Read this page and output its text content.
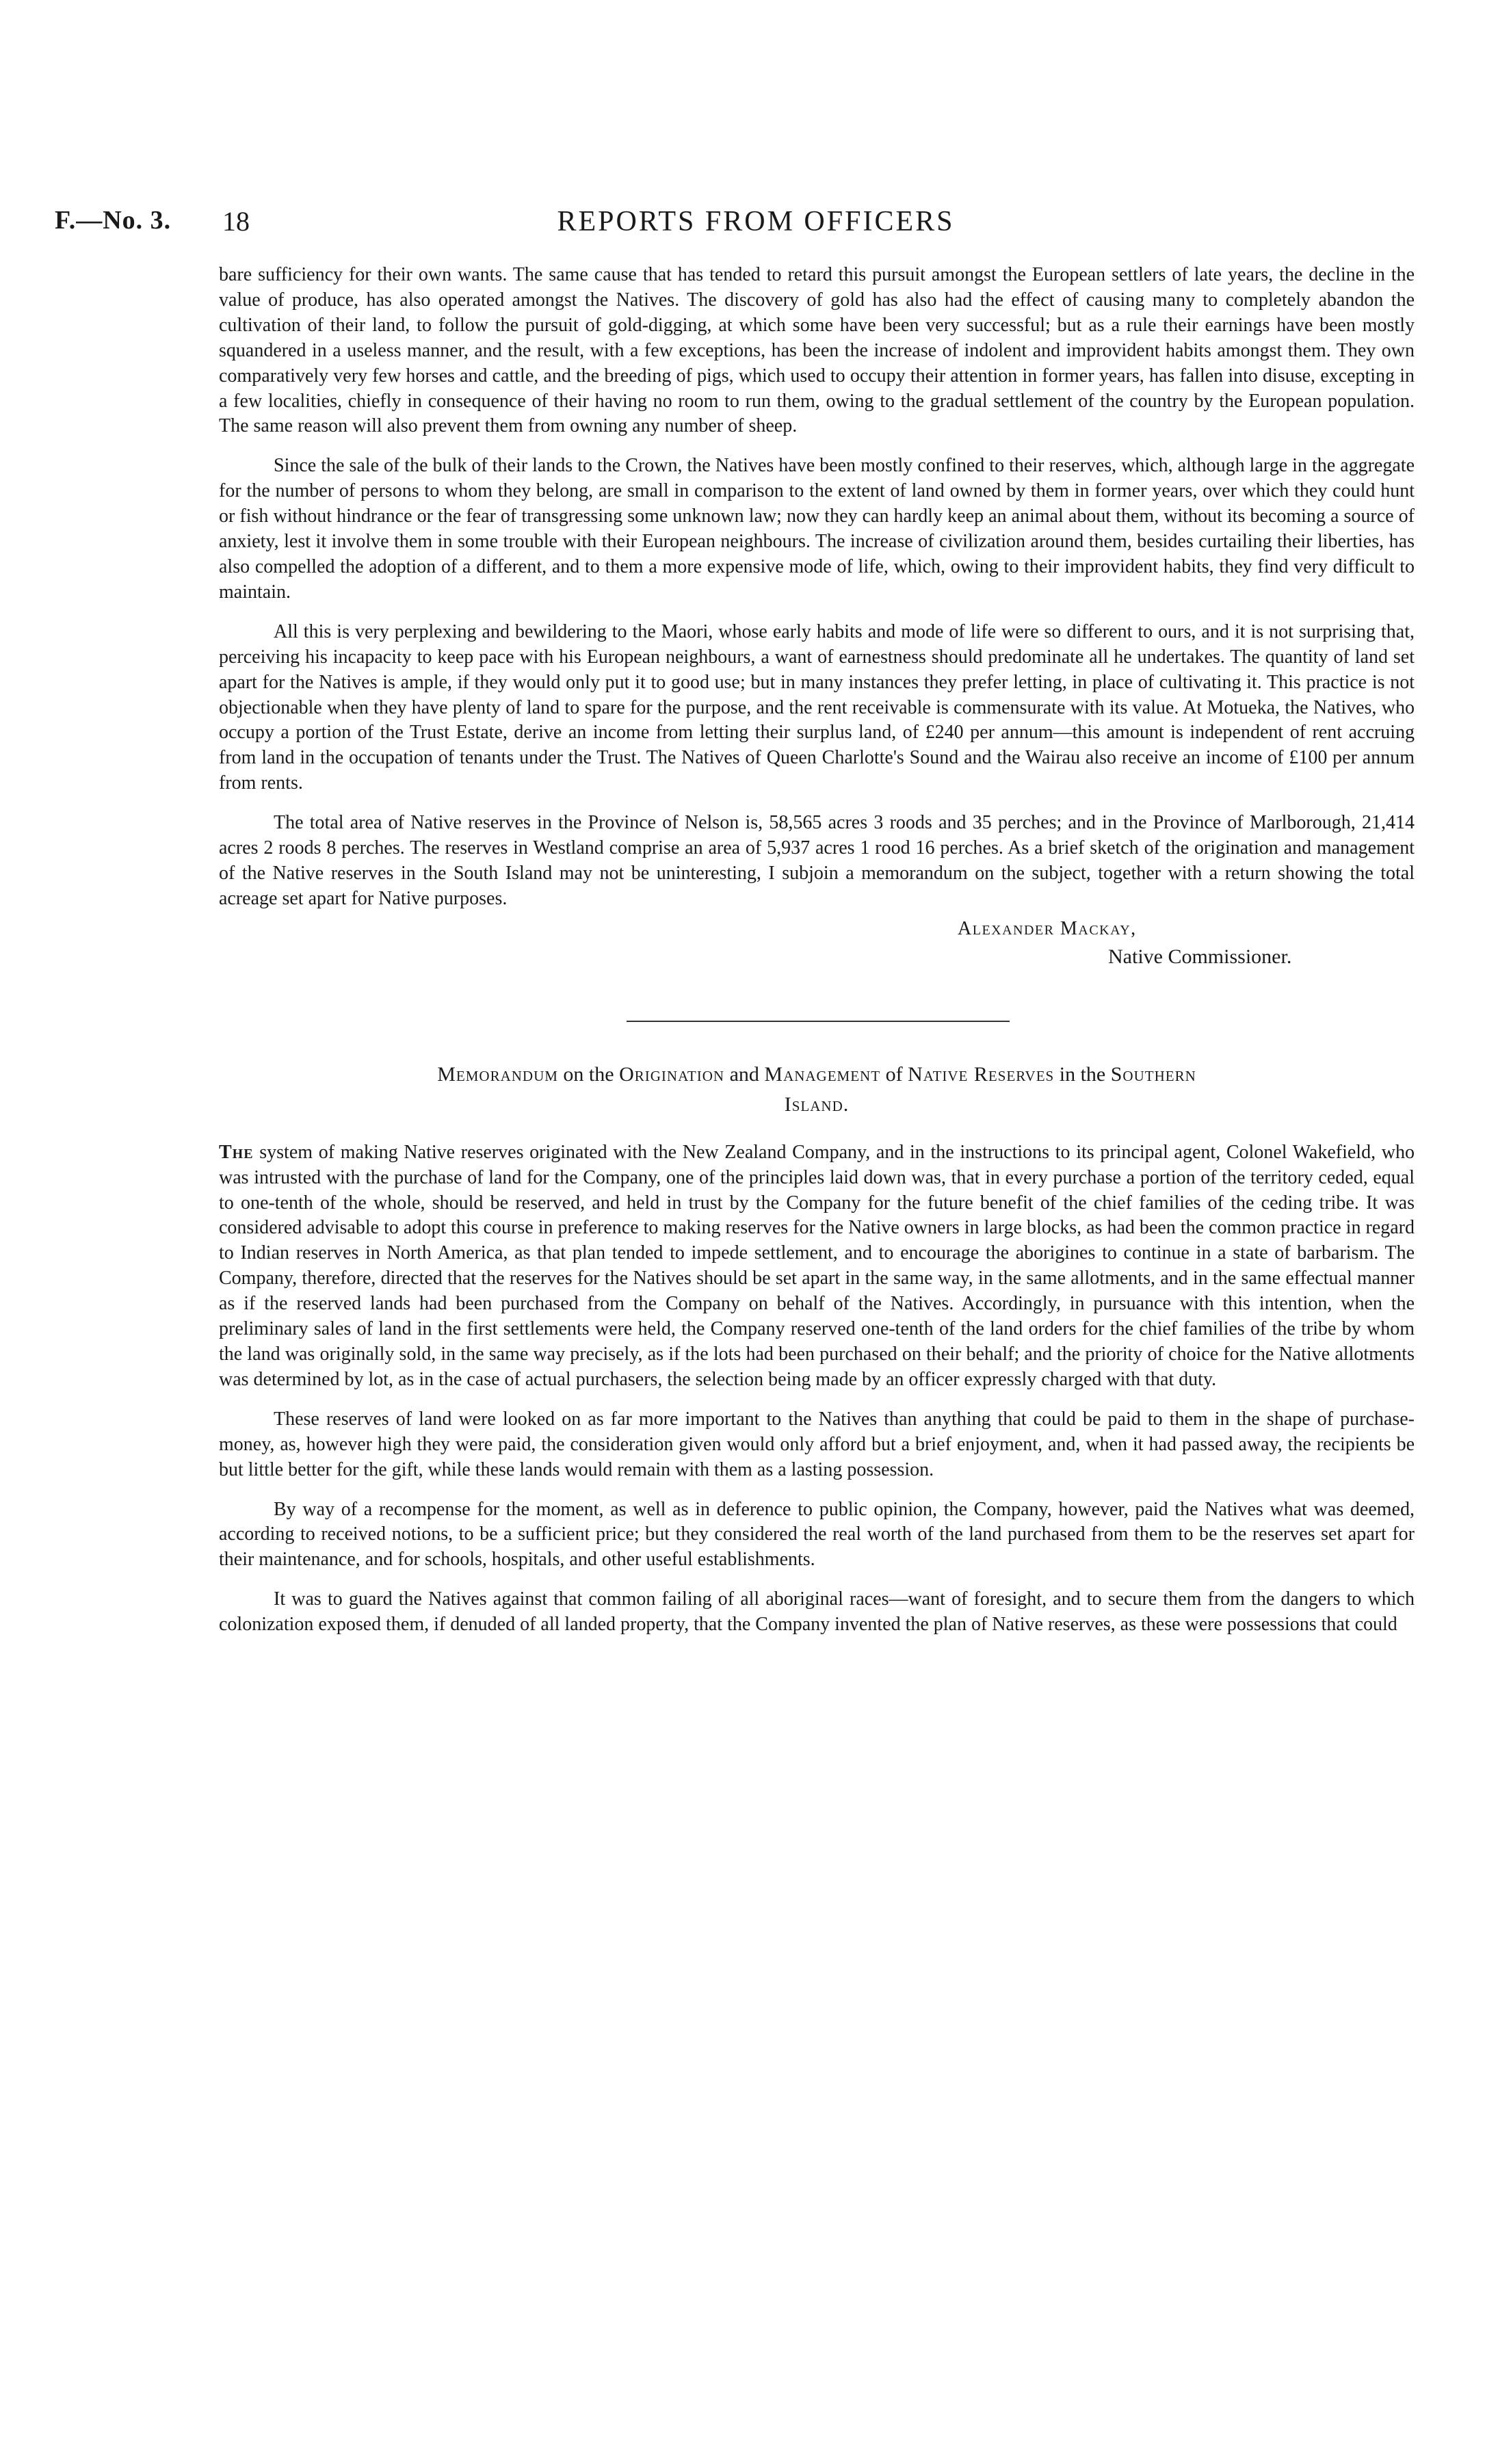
F.—No. 3. 18	REPORTS FROM OFFICERS

bare sufficiency for their own wants. The same cause that has tended to retard this pursuit amongst the European settlers of late years, the decline in the value of produce, has also operated amongst the Natives. The discovery of gold has also had the effect of causing many to completely abandon the cultivation of their land, to follow the pursuit of gold-digging, at which some have been very successful; but as a rule their earnings have been mostly squandered in a useless manner, and the result, with a few exceptions, has been the increase of indolent and improvident habits amongst them. They own comparatively very few horses and cattle, and the breeding of pigs, which used to occupy their attention in former years, has fallen into disuse, excepting in a few localities, chiefly in consequence of their having no room to run them, owing to the gradual settlement of the country by the European population. The same reason will also prevent them from owning any number of sheep.

Since the sale of the bulk of their lands to the Crown, the Natives have been mostly confined to their reserves, which, although large in the aggregate for the number of persons to whom they belong, are small in comparison to the extent of land owned by them in former years, over which they could hunt or fish without hindrance or the fear of transgressing some unknown law; now they can hardly keep an animal about them, without its becoming a source of anxiety, lest it involve them in some trouble with their European neighbours. The increase of civilization around them, besides curtailing their liberties, has also compelled the adoption of a different, and to them a more expensive mode of life, which, owing to their improvident habits, they find very difficult to maintain.

All this is very perplexing and bewildering to the Maori, whose early habits and mode of life were so different to ours, and it is not surprising that, perceiving his incapacity to keep pace with his European neighbours, a want of earnestness should predominate all he undertakes. The quantity of land set apart for the Natives is ample, if they would only put it to good use; but in many instances they prefer letting, in place of cultivating it. This practice is not objectionable when they have plenty of land to spare for the purpose, and the rent receivable is commensurate with its value. At Motueka, the Natives, who occupy a portion of the Trust Estate, derive an income from letting their surplus land, of £240 per annum—this amount is independent of rent accruing from land in the occupation of tenants under the Trust. The Natives of Queen Charlotte's Sound and the Wairau also receive an income of £100 per annum from rents.

The total area of Native reserves in the Province of Nelson is, 58,565 acres 3 roods and 35 perches; and in the Province of Marlborough, 21,414 acres 2 roods 8 perches. The reserves in Westland comprise an area of 5,937 acres 1 rood 16 perches. As a brief sketch of the origination and management of the Native reserves in the South Island may not be uninteresting, I subjoin a memorandum on the subject, together with a return showing the total acreage set apart for Native purposes.

Alexander Mackay,
Native Commissioner.
Memorandum on the Origination and Management of Native Reserves in the Southern
Island.

The system of making Native reserves originated with the New Zealand Company, and in the instructions to its principal agent, Colonel Wakefield, who was intrusted with the purchase of land for the Company, one of the principles laid down was, that in every purchase a portion of the territory ceded, equal to one-tenth of the whole, should be reserved, and held in trust by the Company for the future benefit of the chief families of the ceding tribe. It was considered advisable to adopt this course in preference to making reserves for the Native owners in large blocks, as had been the common practice in regard to Indian reserves in North America, as that plan tended to impede settlement, and to encourage the aborigines to continue in a state of barbarism. The Company, therefore, directed that the reserves for the Natives should be set apart in the same way, in the same allotments, and in the same effectual manner as if the reserved lands had been purchased from the Company on behalf of the Natives. Accordingly, in pursuance with this intention, when the preliminary sales of land in the first settlements were held, the Company reserved one-tenth of the land orders for the chief families of the tribe by whom the land was originally sold, in the same way precisely, as if the lots had been purchased on their behalf; and the priority of choice for the Native allotments was determined by lot, as in the case of actual purchasers, the selection being made by an officer expressly charged with that duty.

These reserves of land were looked on as far more important to the Natives than anything that could be paid to them in the shape of purchase-money, as, however high they were paid, the consideration given would only afford but a brief enjoyment, and, when it had passed away, the recipients be but little better for the gift, while these lands would remain with them as a lasting possession.

By way of a recompense for the moment, as well as in deference to public opinion, the Company, however, paid the Natives what was deemed, according to received notions, to be a sufficient price; but they considered the real worth of the land purchased from them to be the reserves set apart for their maintenance, and for schools, hospitals, and other useful establishments.

It was to guard the Natives against that common failing of all aboriginal races—want of foresight, and to secure them from the dangers to which colonization exposed them, if denuded of all landed property, that the Company invented the plan of Native reserves, as these were possessions that could
